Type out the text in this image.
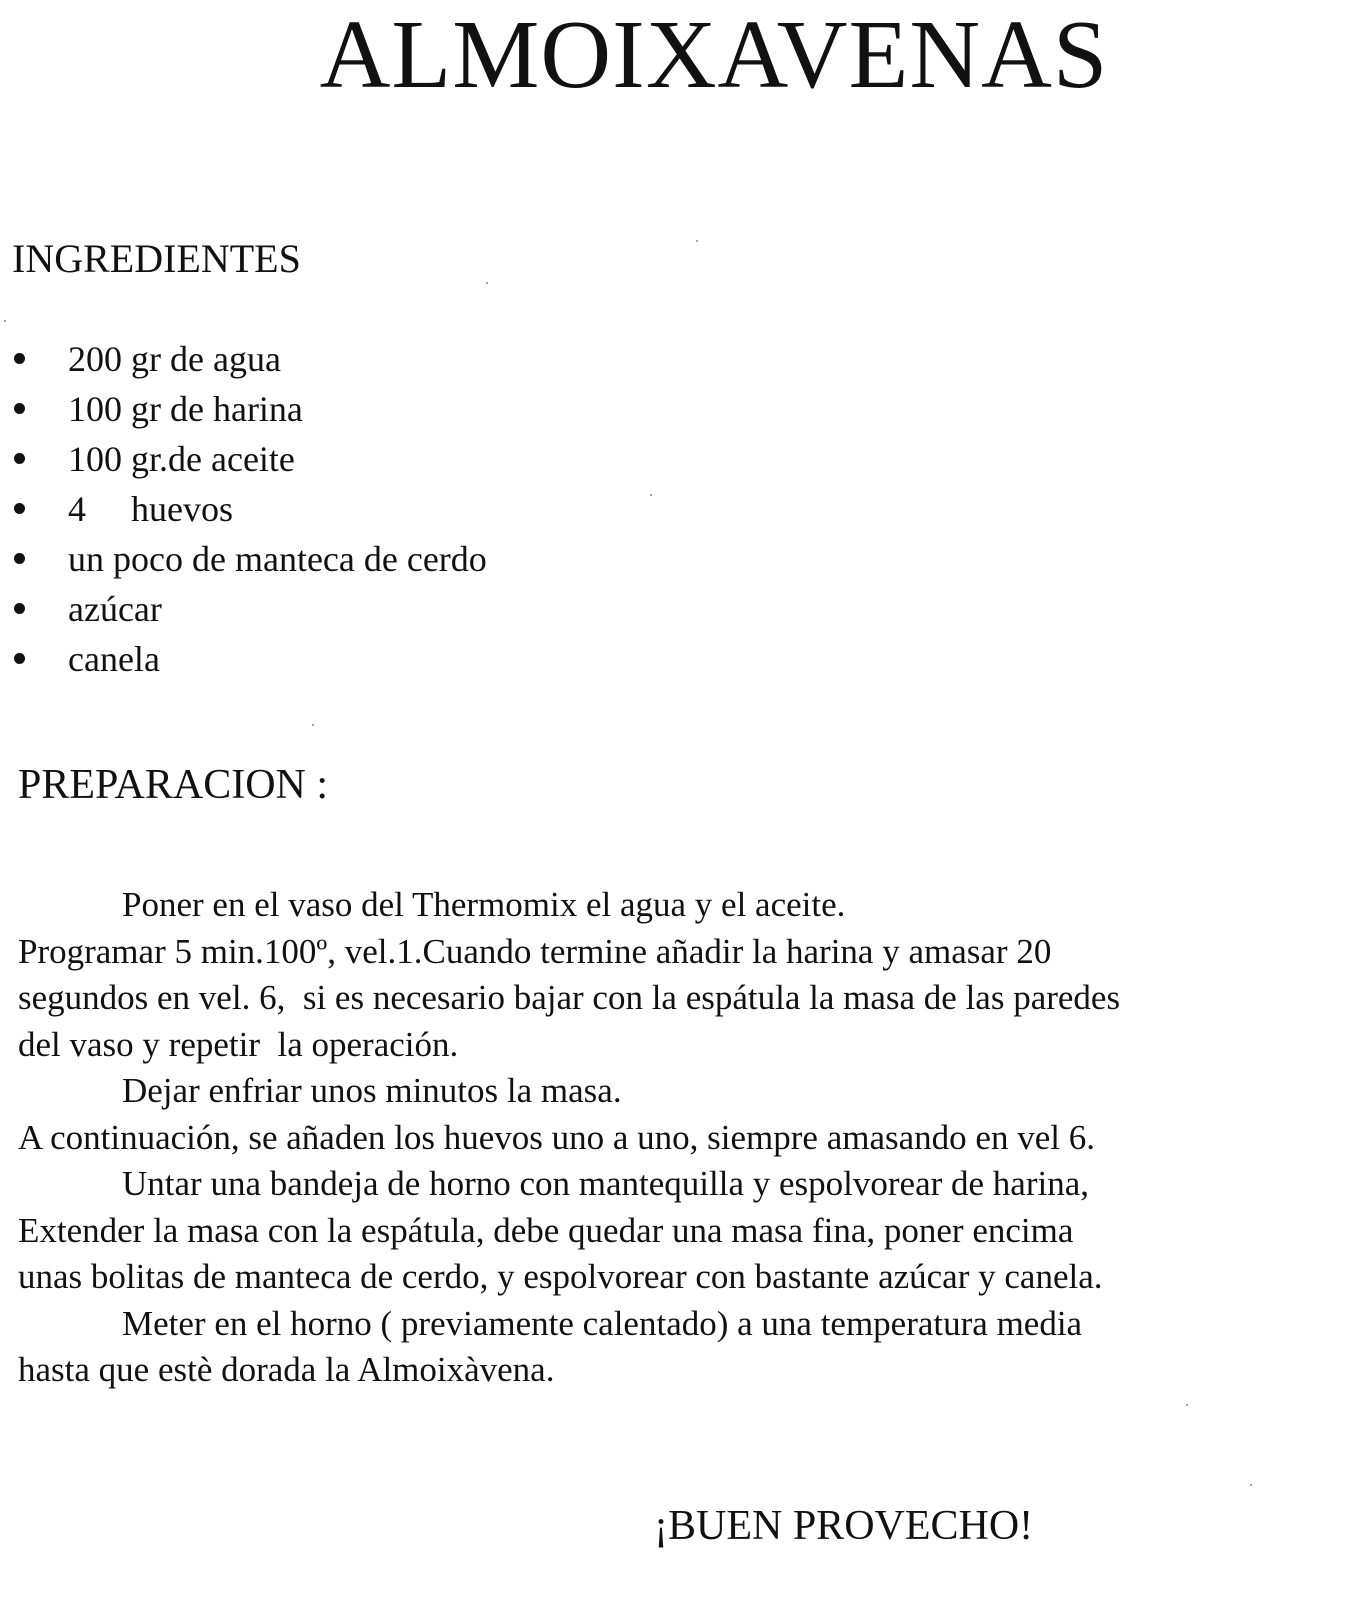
ALMOIXAVENAS
INGREDIENTES
200 gr de agua
100 gr de harina
100 gr.de aceite
4     huevos
un poco de manteca de cerdo
azúcar
canela
PREPARACION :

Poner en el vaso del Thermomix el agua y el aceite.

Programar 5 min.100º, vel.1.Cuando termine añadir la harina y amasar 20

segundos en vel. 6,  si es necesario bajar con la espátula la masa de las paredes

del vaso y repetir  la operación.

Dejar enfriar unos minutos la masa.

A continuación, se añaden los huevos uno a uno, siempre amasando en vel 6.

Untar una bandeja de horno con mantequilla y espolvorear de harina,

Extender la masa con la espátula, debe quedar una masa fina, poner encima

unas bolitas de manteca de cerdo, y espolvorear con bastante azúcar y canela.

Meter en el horno ( previamente calentado) a una temperatura media

hasta que estè dorada la Almoixàvena.

¡BUEN PROVECHO!
